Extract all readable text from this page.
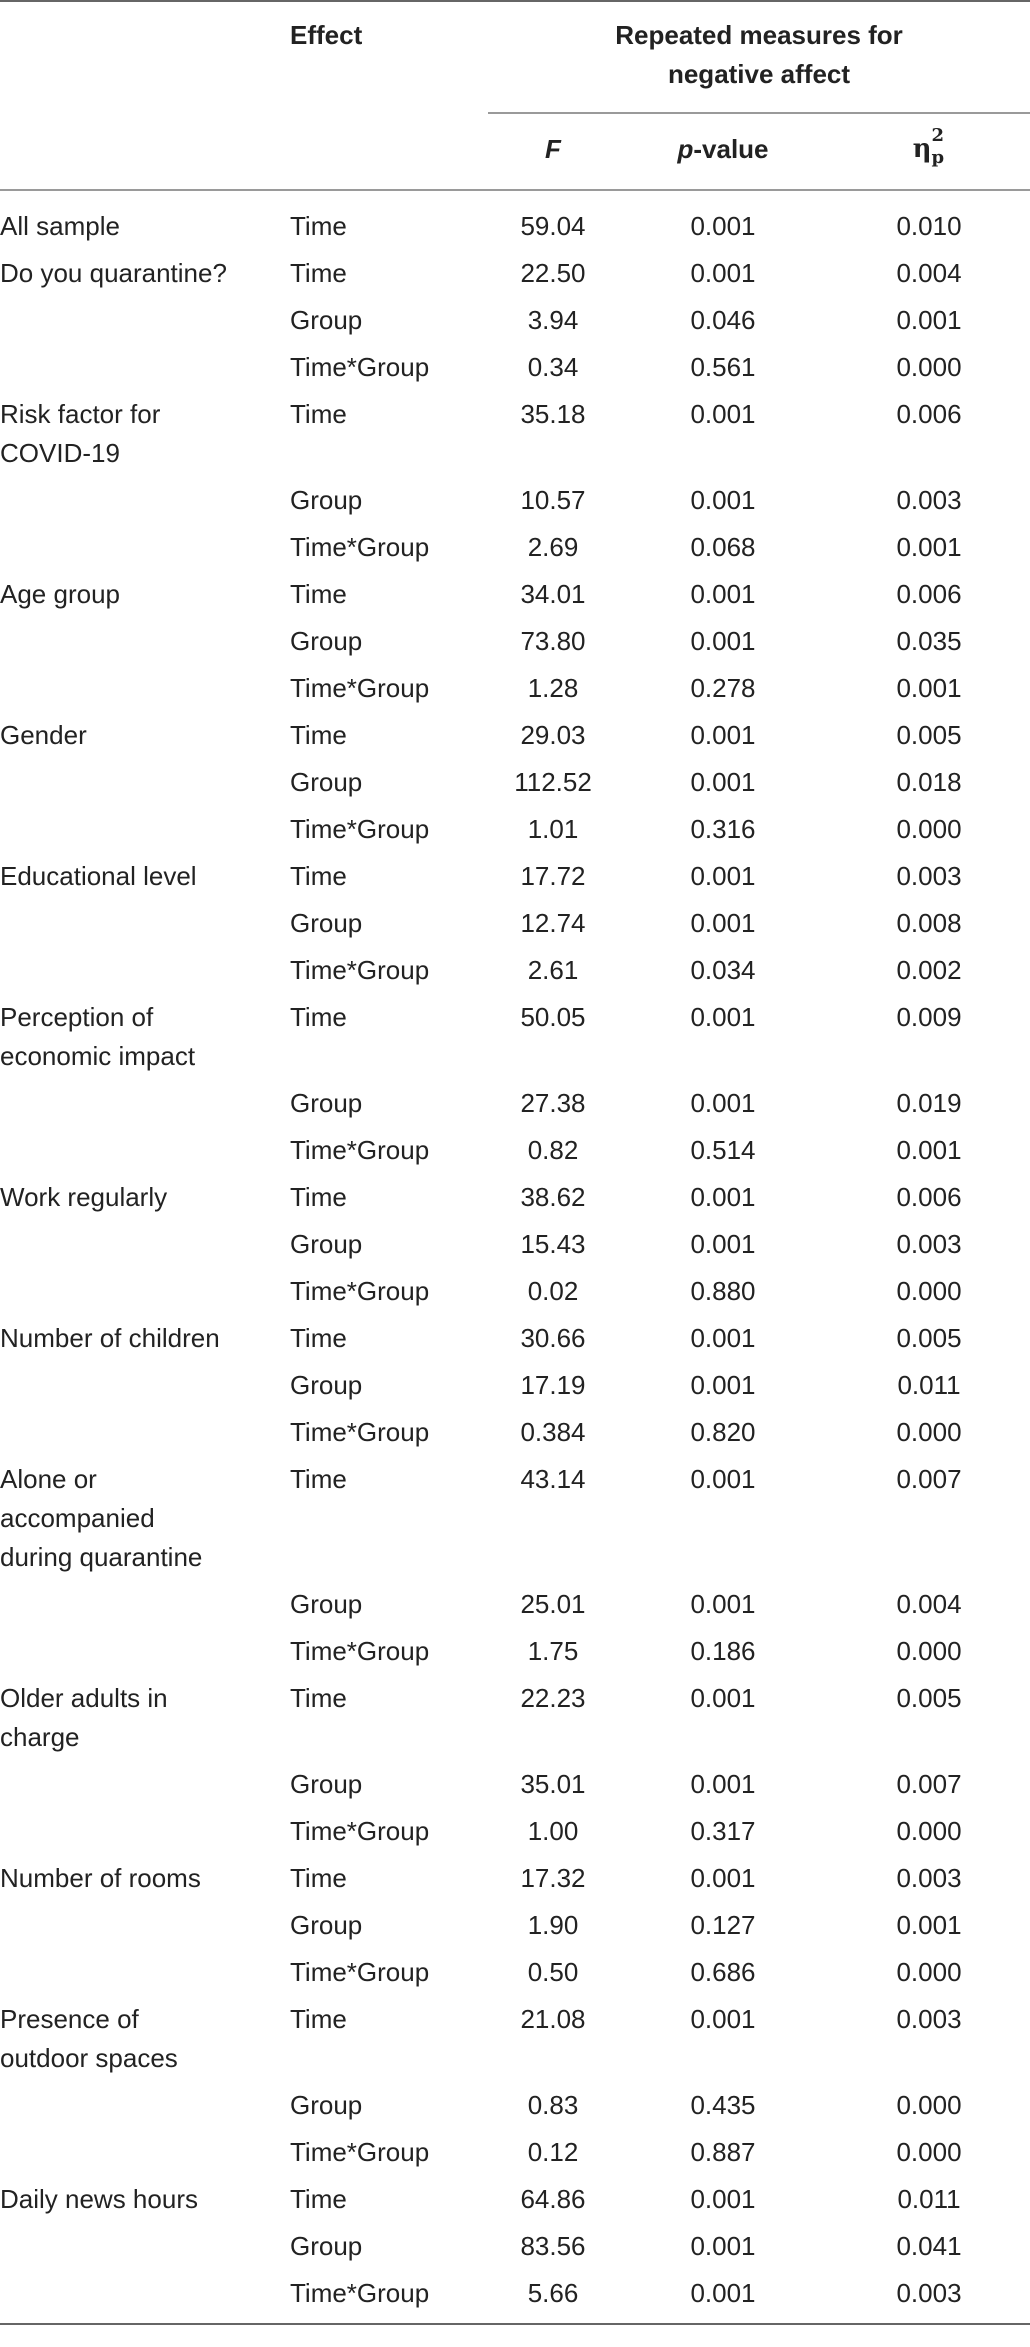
	Effect	Repeated measures for
negative affect		

		F	p-value	η 2
p

All sample	Time	59.04	0.001	0.010

Do you quarantine?	Time	22.50	0.001	0.004
	Group	3.94	0.046	0.001
	Time*Group	0.34	0.561	0.000

Risk factor for
COVID-19	Time	35.18	0.001	0.006
	Group	10.57	0.001	0.003
	Time*Group	2.69	0.068	0.001

Age group	Time	34.01	0.001	0.006
	Group	73.80	0.001	0.035
	Time*Group	1.28	0.278	0.001

Gender	Time	29.03	0.001	0.005
	Group	112.52	0.001	0.018
	Time*Group	1.01	0.316	0.000

Educational level	Time	17.72	0.001	0.003
	Group	12.74	0.001	0.008
	Time*Group	2.61	0.034	0.002

Perception of
economic impact	Time	50.05	0.001	0.009
	Group	27.38	0.001	0.019
	Time*Group	0.82	0.514	0.001

Work regularly	Time	38.62	0.001	0.006
	Group	15.43	0.001	0.003
	Time*Group	0.02	0.880	0.000

Number of children	Time	30.66	0.001	0.005
	Group	17.19	0.001	0.011
	Time*Group	0.384	0.820	0.000

Alone or
accompanied
during quarantine	Time	43.14	0.001	0.007
	Group	25.01	0.001	0.004
	Time*Group	1.75	0.186	0.000

Older adults in
charge	Time	22.23	0.001	0.005
	Group	35.01	0.001	0.007
	Time*Group	1.00	0.317	0.000

Number of rooms	Time	17.32	0.001	0.003
	Group	1.90	0.127	0.001
	Time*Group	0.50	0.686	0.000

Presence of
outdoor spaces	Time	21.08	0.001	0.003
	Group	0.83	0.435	0.000
	Time*Group	0.12	0.887	0.000

Daily news hours	Time	64.86	0.001	0.011
	Group	83.56	0.001	0.041
	Time*Group	5.66	0.001	0.003
